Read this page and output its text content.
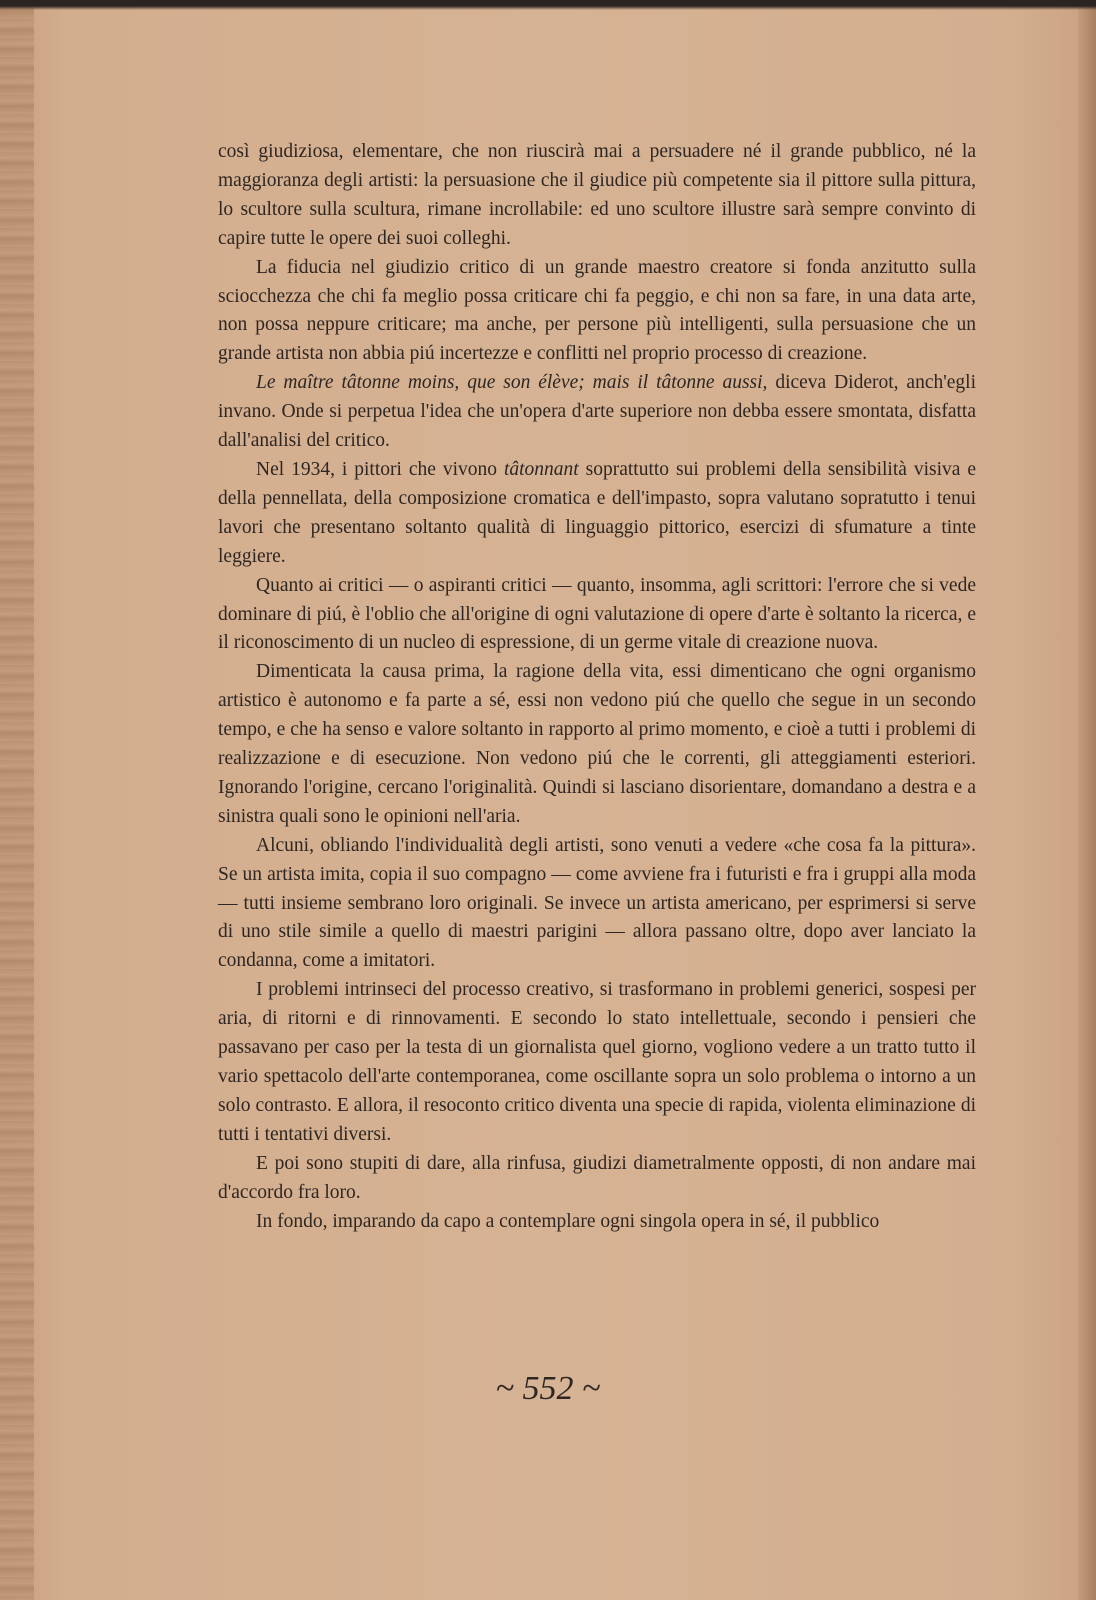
così giudiziosa, elementare, che non riuscirà mai a persuadere né il grande pubblico, né la maggioranza degli artisti: la persuasione che il giudice più competente sia il pittore sulla pittura, lo scultore sulla scultura, rimane incrollabile: ed uno scultore illustre sarà sempre convinto di capire tutte le opere dei suoi colleghi.

La fiducia nel giudizio critico di un grande maestro creatore si fonda anzitutto sulla sciocchezza che chi fa meglio possa criticare chi fa peggio, e chi non sa fare, in una data arte, non possa neppure criticare; ma anche, per persone più intelligenti, sulla persuasione che un grande artista non abbia piú incertezze e conflitti nel proprio processo di creazione.

Le maître tâtonne moins, que son élève; mais il tâtonne aussi, diceva Diderot, anch'egli invano. Onde si perpetua l'idea che un'opera d'arte superiore non debba essere smontata, disfatta dall'analisi del critico.

Nel 1934, i pittori che vivono tâtonnant soprattutto sui problemi della sensibilità visiva e della pennellata, della composizione cromatica e dell'impasto, sopra valutano sopratutto i tenui lavori che presentano soltanto qualità di linguaggio pittorico, esercizi di sfumature a tinte leggiere.

Quanto ai critici — o aspiranti critici — quanto, insomma, agli scrittori: l'errore che si vede dominare di piú, è l'oblio che all'origine di ogni valutazione di opere d'arte è soltanto la ricerca, e il riconoscimento di un nucleo di espressione, di un germe vitale di creazione nuova.

Dimenticata la causa prima, la ragione della vita, essi dimenticano che ogni organismo artistico è autonomo e fa parte a sé, essi non vedono piú che quello che segue in un secondo tempo, e che ha senso e valore soltanto in rapporto al primo momento, e cioè a tutti i problemi di realizzazione e di esecuzione. Non vedono piú che le correnti, gli atteggiamenti esteriori. Ignorando l'origine, cercano l'originalità. Quindi si lasciano disorientare, domandano a destra e a sinistra quali sono le opinioni nell'aria.

Alcuni, obliando l'individualità degli artisti, sono venuti a vedere «che cosa fa la pittura». Se un artista imita, copia il suo compagno — come avviene fra i futuristi e fra i gruppi alla moda — tutti insieme sembrano loro originali. Se invece un artista americano, per esprimersi si serve di uno stile simile a quello di maestri parigini — allora passano oltre, dopo aver lanciato la condanna, come a imitatori.

I problemi intrinseci del processo creativo, si trasformano in problemi generici, sospesi per aria, di ritorni e di rinnovamenti. E secondo lo stato intellettuale, secondo i pensieri che passavano per caso per la testa di un giornalista quel giorno, vogliono vedere a un tratto tutto il vario spettacolo dell'arte contemporanea, come oscillante sopra un solo problema o intorno a un solo contrasto. E allora, il resoconto critico diventa una specie di rapida, violenta eliminazione di tutti i tentativi diversi.

E poi sono stupiti di dare, alla rinfusa, giudizi diametralmente opposti, di non andare mai d'accordo fra loro.

In fondo, imparando da capo a contemplare ogni singola opera in sé, il pubblico

~ 552 ~
